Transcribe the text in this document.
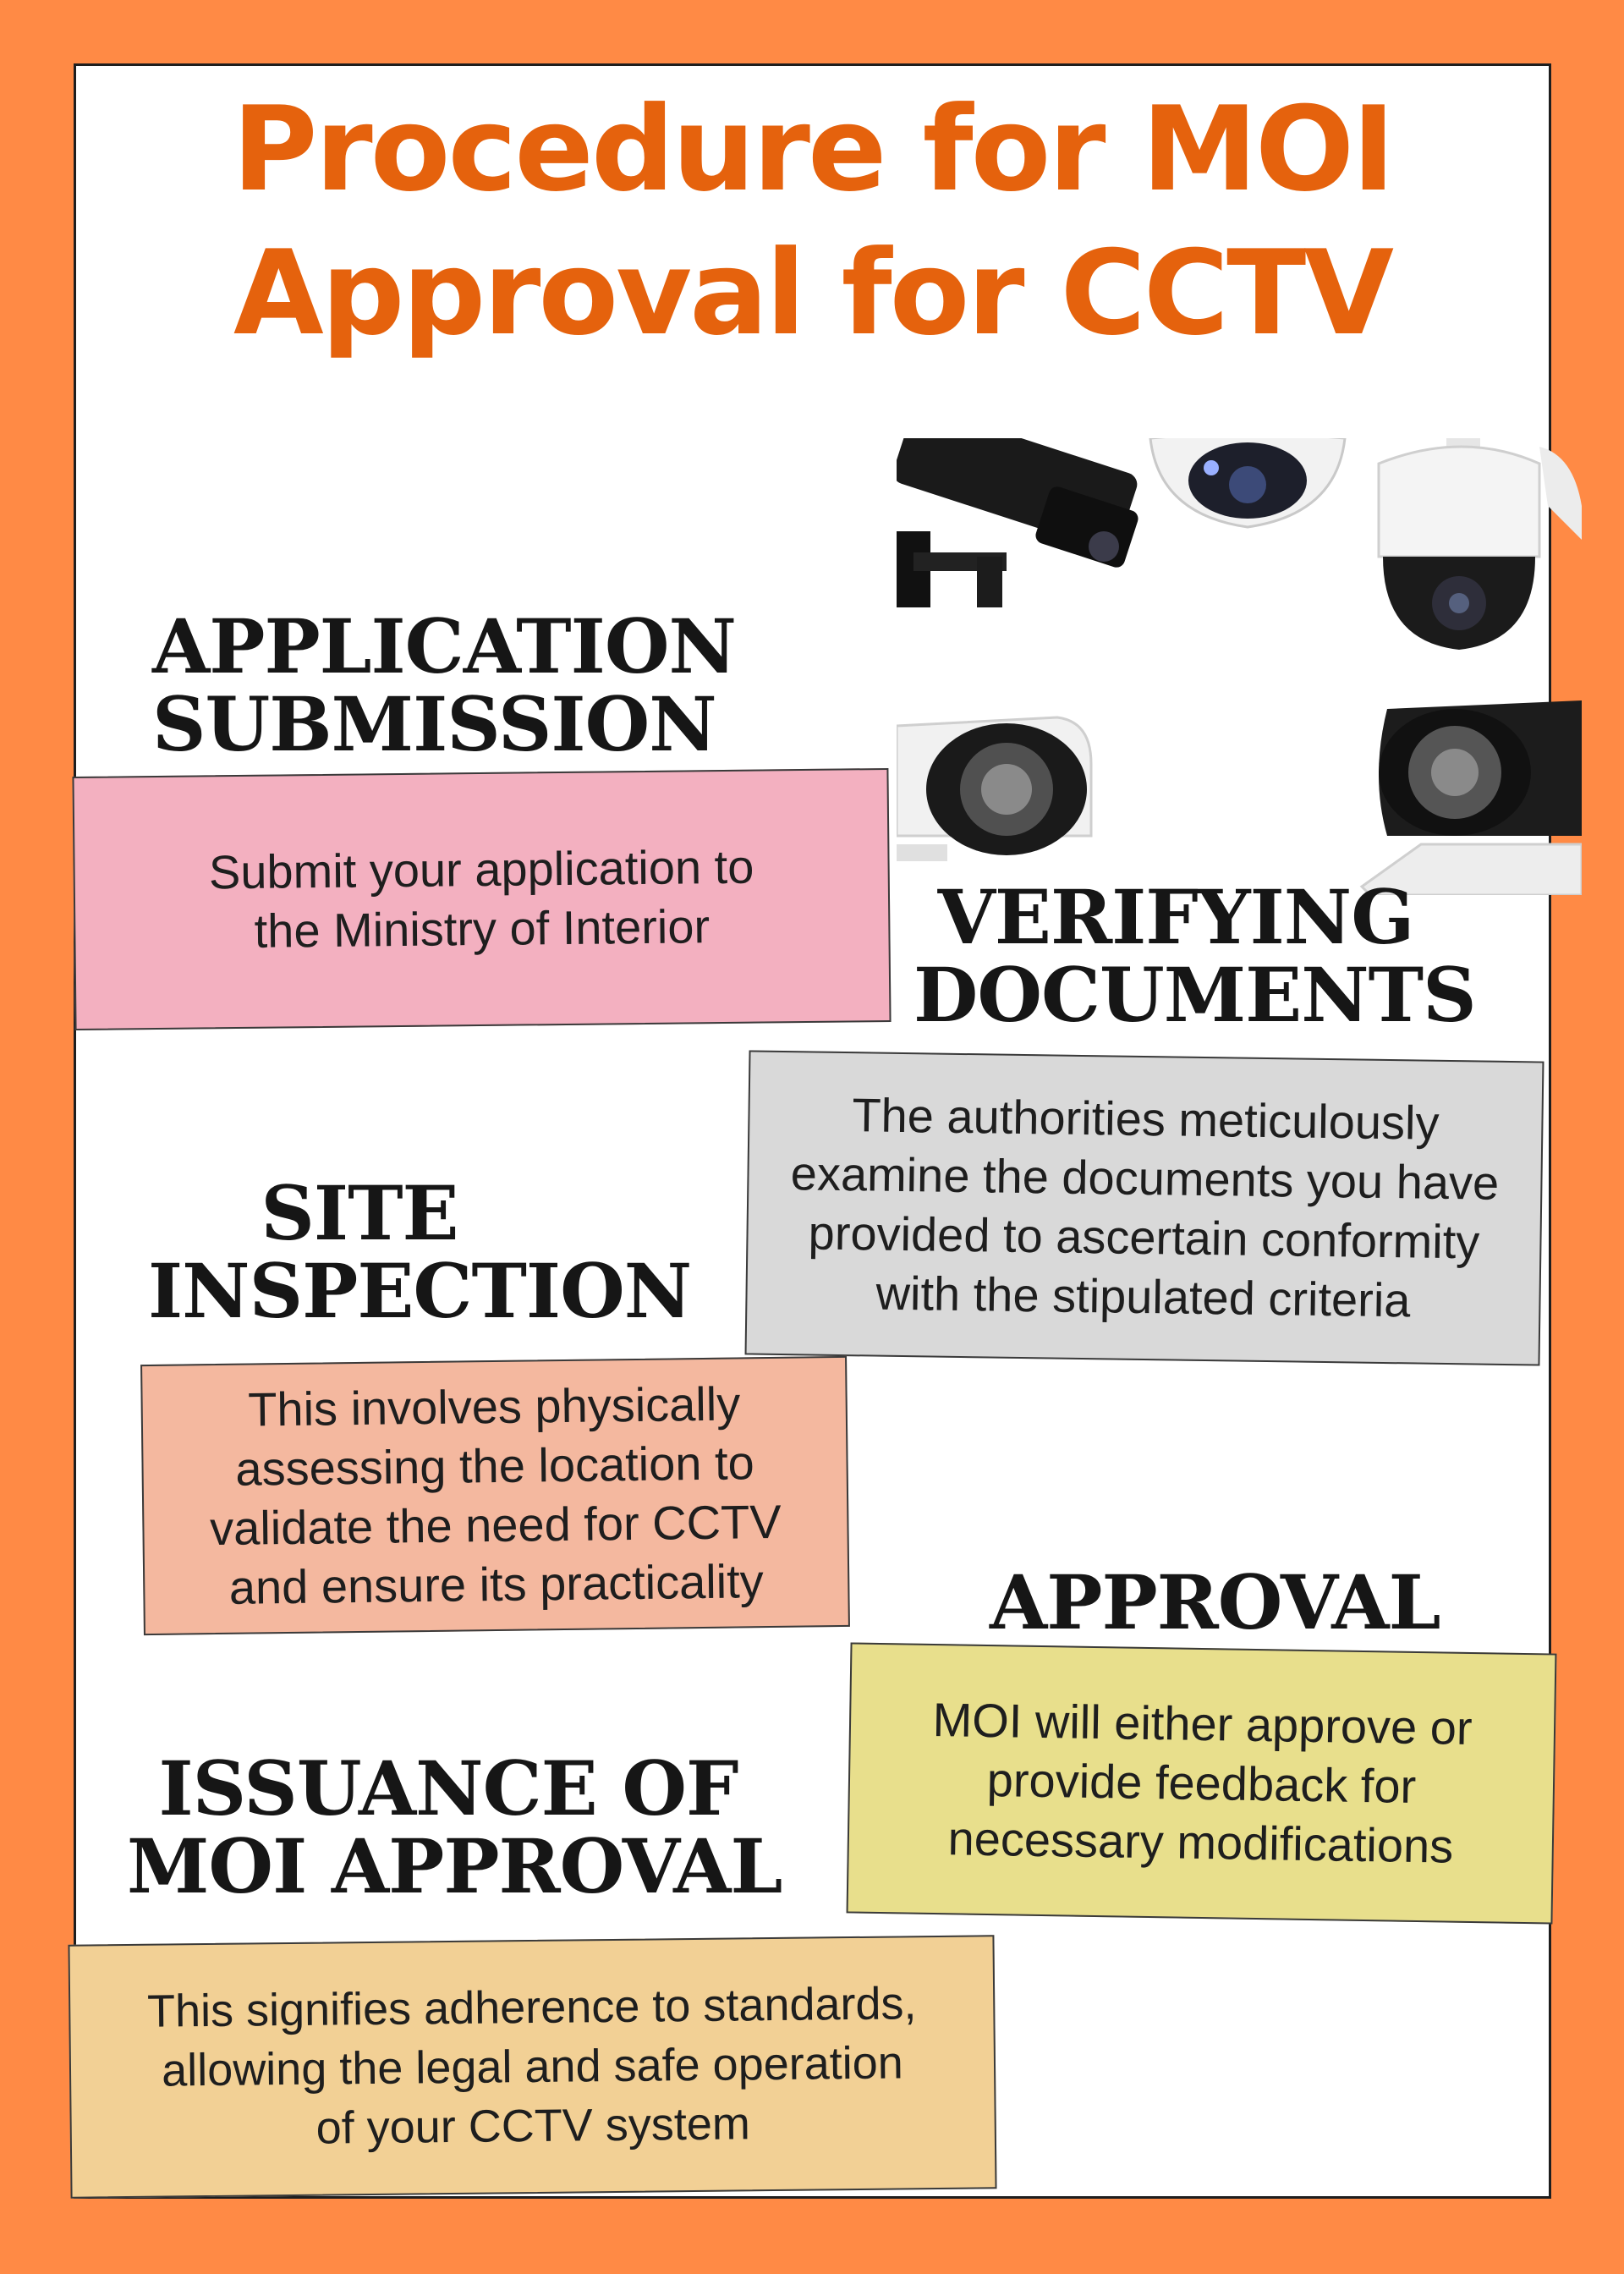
Procedure for MOI
Approval for CCTV
APPLICATION
SUBMISSION
Submit your application to
the Ministry of Interior	VERIFYING
DOCUMENTS
The authorities meticulously
examine the documents you have
provided to ascertain conformity
with the stipulated criteria
SITE
INSPECTION
This involves physically
assessing the location to
validate the need for CCTV
and ensure its practicality	APPROVAL
MOI will either approve or
provide feedback for
necessary modifications
ISSUANCE OF
MOI APPROVAL
This signifies adherence to standards,
allowing the legal and safe operation
of your CCTV system
